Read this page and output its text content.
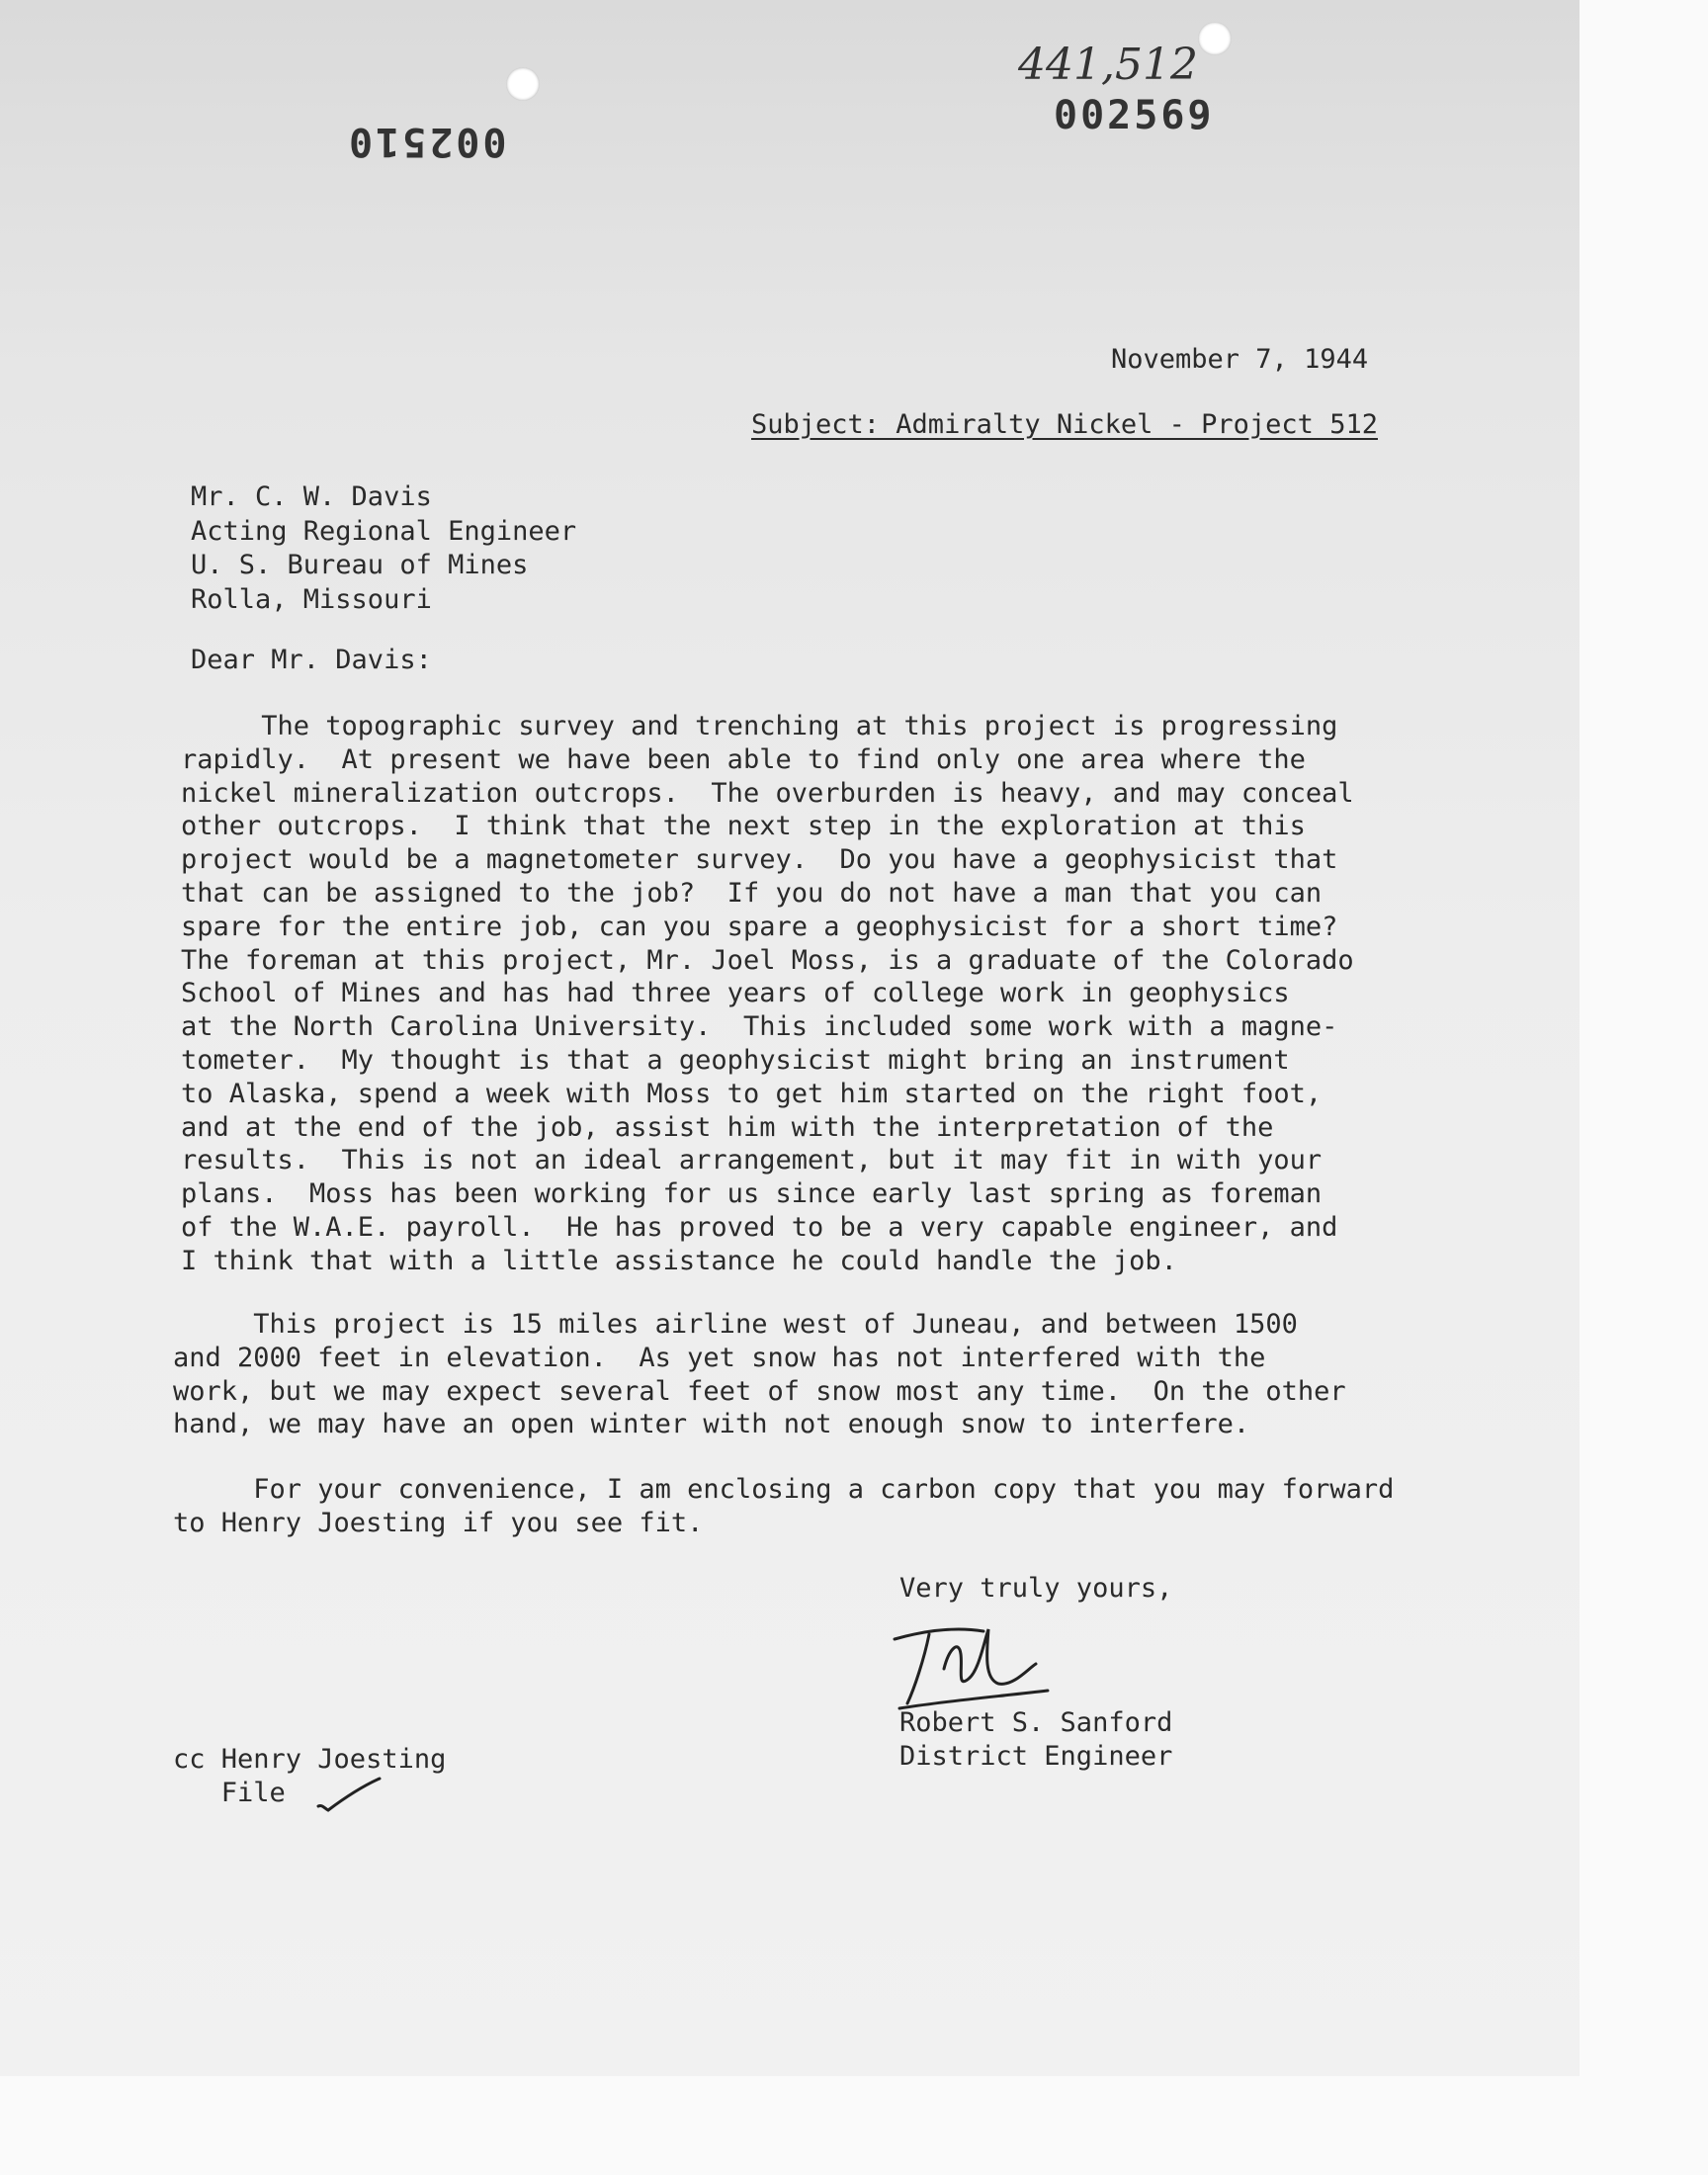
002510
002569
441,512
November 7, 1944
Subject: Admiralty Nickel - Project 512
Mr. C. W. Davis
Acting Regional Engineer
U. S. Bureau of Mines
Rolla, Missouri
Dear Mr. Davis:
The topographic survey and trenching at this project is progressing
rapidly.  At present we have been able to find only one area where the
nickel mineralization outcrops.  The overburden is heavy, and may conceal
other outcrops.  I think that the next step in the exploration at this
project would be a magnetometer survey.  Do you have a geophysicist that
that can be assigned to the job?  If you do not have a man that you can
spare for the entire job, can you spare a geophysicist for a short time?
The foreman at this project, Mr. Joel Moss, is a graduate of the Colorado
School of Mines and has had three years of college work in geophysics
at the North Carolina University.  This included some work with a magne-
tometer.  My thought is that a geophysicist might bring an instrument
to Alaska, spend a week with Moss to get him started on the right foot,
and at the end of the job, assist him with the interpretation of the
results.  This is not an ideal arrangement, but it may fit in with your
plans.  Moss has been working for us since early last spring as foreman
of the W.A.E. payroll.  He has proved to be a very capable engineer, and
I think that with a little assistance he could handle the job.
This project is 15 miles airline west of Juneau, and between 1500
and 2000 feet in elevation.  As yet snow has not interfered with the
work, but we may expect several feet of snow most any time.  On the other
hand, we may have an open winter with not enough snow to interfere.
For your convenience, I am enclosing a carbon copy that you may forward
to Henry Joesting if you see fit.
Very truly yours,
Robert S. Sanford
District Engineer
cc Henry Joesting
File
